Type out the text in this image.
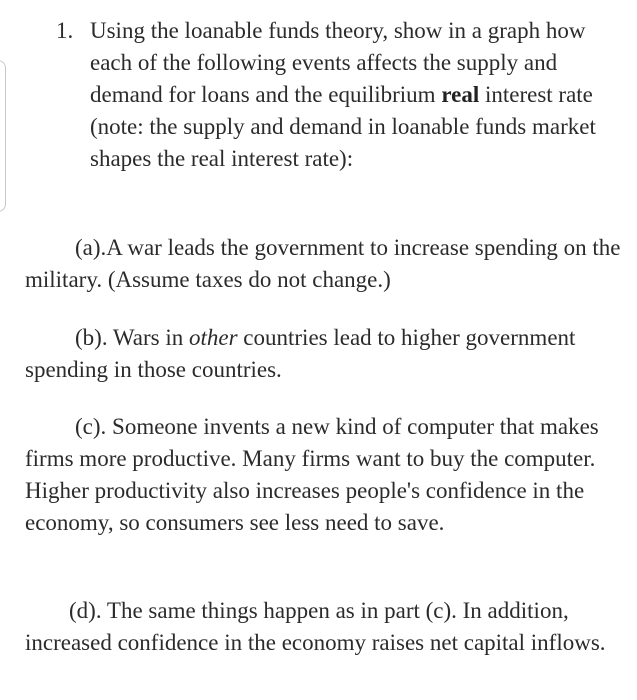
1. Using the loanable funds theory, show in a graph how each of the following events affects the supply and demand for loans and the equilibrium real interest rate (note: the supply and demand in loanable funds market shapes the real interest rate):
(a).A war leads the government to increase spending on the military. (Assume taxes do not change.)
(b). Wars in other countries lead to higher government spending in those countries.
(c). Someone invents a new kind of computer that makes firms more productive. Many firms want to buy the computer. Higher productivity also increases people's confidence in the economy, so consumers see less need to save.
(d). The same things happen as in part (c). In addition, increased confidence in the economy raises net capital inflows.
